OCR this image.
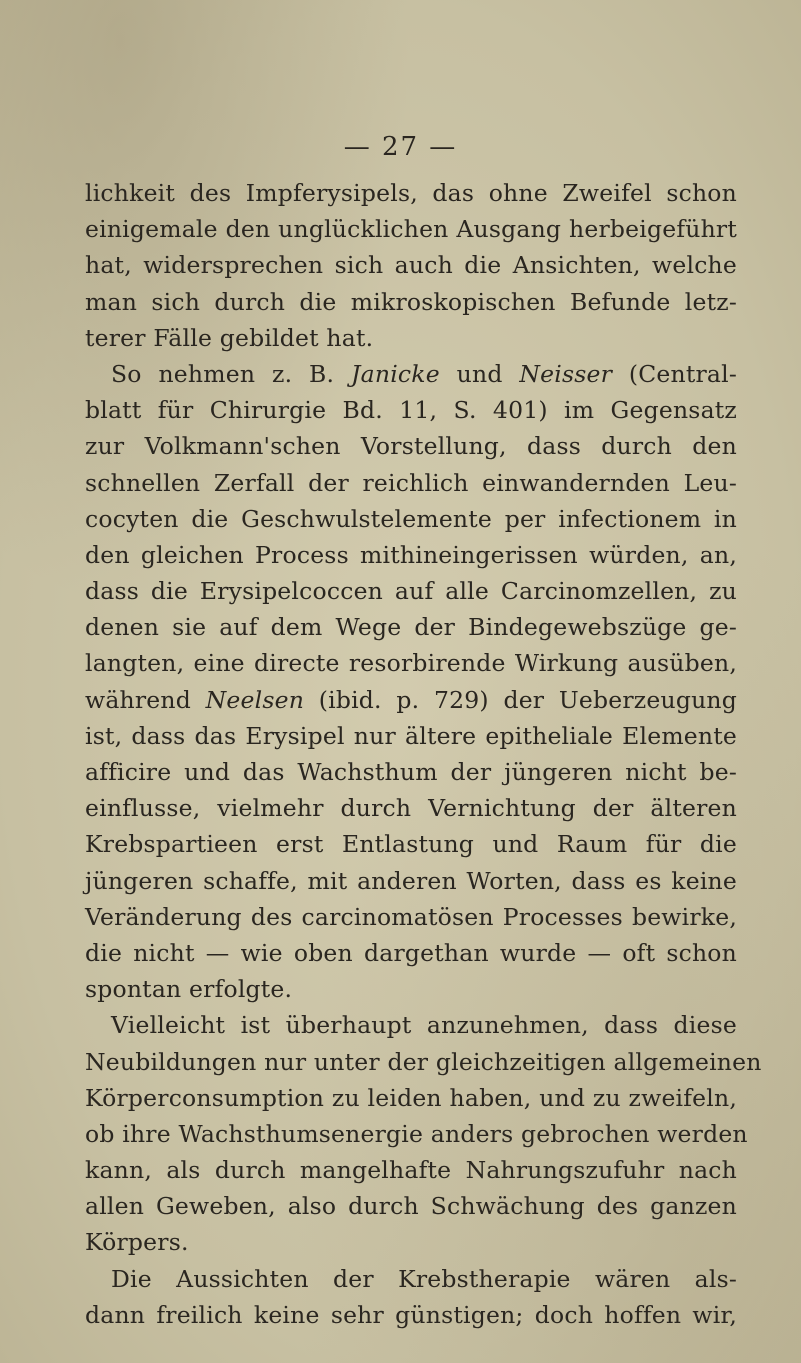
— 27 —
lichkeit des Impferysipels, das ohne Zweifel schon
einigemale den unglücklichen Ausgang herbeigeführt
hat, widersprechen sich auch die Ansichten, welche
man sich durch die mikroskopischen Befunde letz-
terer Fälle gebildet hat.
So nehmen z. B. Janicke und Neisser (Central-
blatt für Chirurgie Bd. 11, S. 401) im Gegensatz
zur Volkmann'schen Vorstellung, dass durch den
schnellen Zerfall der reichlich einwandernden Leu-
cocyten die Geschwulstelemente per infectionem in
den gleichen Process mithineingerissen würden, an,
dass die Erysipelcoccen auf alle Carcinomzellen, zu
denen sie auf dem Wege der Bindegewebszüge ge-
langten, eine directe resorbirende Wirkung ausüben,
während Neelsen (ibid. p. 729) der Ueberzeugung
ist, dass das Erysipel nur ältere epitheliale Elemente
afficire und das Wachsthum der jüngeren nicht be-
einflusse, vielmehr durch Vernichtung der älteren
Krebspartieen erst Entlastung und Raum für die
jüngeren schaffe, mit anderen Worten, dass es keine
Veränderung des carcinomatösen Processes bewirke,
die nicht — wie oben dargethan wurde — oft schon
spontan erfolgte.
Vielleicht ist überhaupt anzunehmen, dass diese
Neubildungen nur unter der gleichzeitigen allgemeinen
Körperconsumption zu leiden haben, und zu zweifeln,
ob ihre Wachsthumsenergie anders gebrochen werden
kann, als durch mangelhafte Nahrungszufuhr nach
allen Geweben, also durch Schwächung des ganzen
Körpers.
Die Aussichten der Krebstherapie wären als-
dann freilich keine sehr günstigen; doch hoffen wir,
